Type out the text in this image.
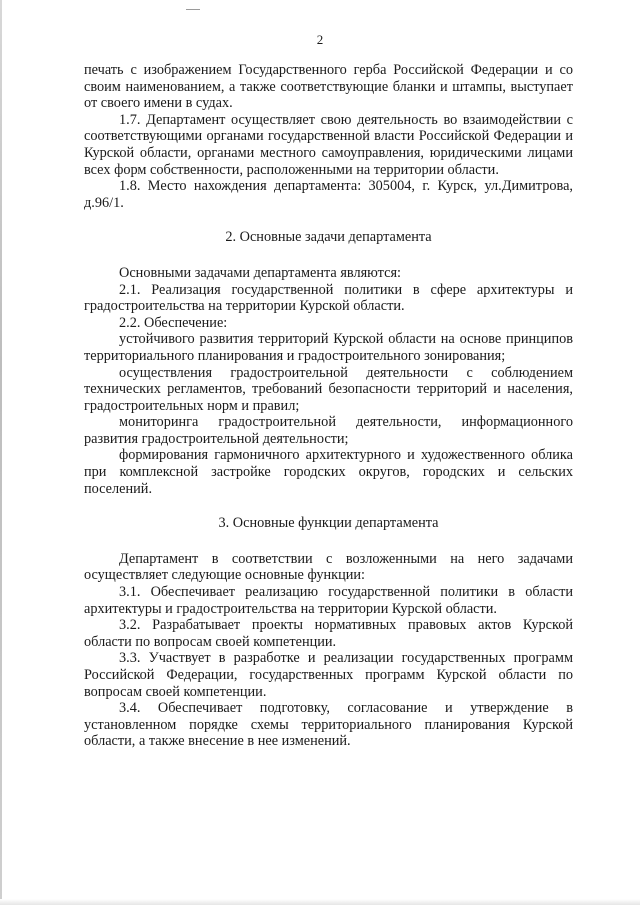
2

печать с изображением Государственного герба Российской Федерации и со своим наименованием, а также соответствующие бланки и штампы, выступает от своего имени в судах.

1.7. Департамент осуществляет свою деятельность во взаимодействии с соответствующими органами государственной власти Российской Федерации и Курской области, органами местного самоуправления, юридическими лицами всех форм собственности, расположенными на территории области.

1.8. Место нахождения департамента: 305004, г. Курск, ул.Димитрова, д.96/1.

2. Основные задачи департамента

Основными задачами департамента являются:

2.1. Реализация государственной политики в сфере архитектуры и градостроительства на территории Курской области.

2.2. Обеспечение:

устойчивого развития территорий Курской области на основе принципов территориального планирования и градостроительного зонирования;

осуществления градостроительной деятельности с соблюдением технических регламентов, требований безопасности территорий и населения, градостроительных норм и правил;

мониторинга градостроительной деятельности, информационного развития градостроительной деятельности;

формирования гармоничного архитектурного и художественного облика при комплексной застройке городских округов, городских и сельских поселений.

3. Основные функции департамента

Департамент в соответствии с возложенными на него задачами осуществляет следующие основные функции:

3.1. Обеспечивает реализацию государственной политики в области архитектуры и градостроительства на территории Курской области.

3.2. Разрабатывает проекты нормативных правовых актов Курской области по вопросам своей компетенции.

3.3. Участвует в разработке и реализации государственных программ Российской Федерации, государственных программ Курской области по вопросам своей компетенции.

3.4. Обеспечивает подготовку, согласование и утверждение в установленном порядке схемы территориального планирования Курской области, а также внесение в нее изменений.
